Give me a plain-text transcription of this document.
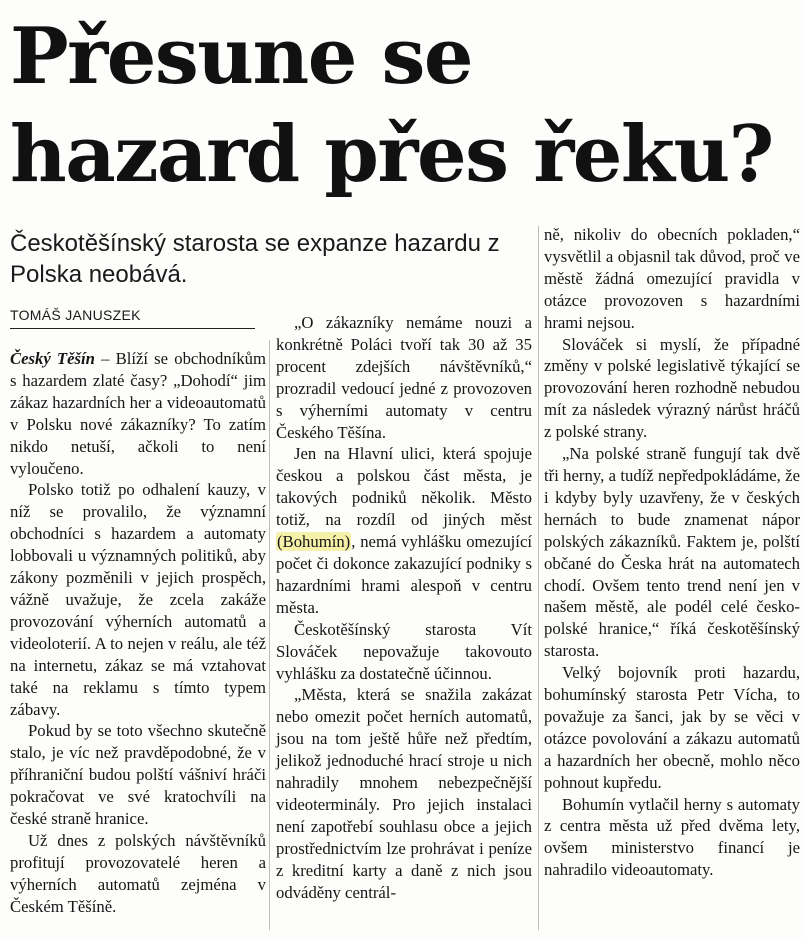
Přesune se
hazard přes řeku?

Českotěšínský starosta se expanze hazardu z Polska neobává.

TOMÁŠ JANUSZEK

Český Těšín – Blíží se obchodníkům s hazardem zlaté časy? „Dohodí“ jim zákaz hazardních her a videoautomatů v Polsku nové zákazníky? To zatím nikdo netuší, ačkoli to není vyloučeno.

Polsko totiž po odhalení kauzy, v níž se provalilo, že významní obchodníci s hazardem a automaty lobbovali u významných politiků, aby zákony pozměnili v jejich prospěch, vážně uvažuje, že zcela zakáže provozování výherních automatů a videoloterií. A to nejen v reálu, ale též na internetu, zákaz se má vztahovat také na reklamu s tímto typem zábavy.

Pokud by se toto všechno skutečně stalo, je víc než pravděpodobné, že v příhraniční budou polští vášniví hráči pokračovat ve své kratochvíli na české straně hranice.

Už dnes z polských návštěvníků profitují provozovatelé heren a výherních automatů zejména v Českém Těšíně.

„O zákazníky nemáme nouzi a konkrétně Poláci tvoří tak 30 až 35 procent zdejších návštěvníků,“ prozradil vedoucí jedné z provozoven s výherními automaty v centru Českého Těšína.

Jen na Hlavní ulici, která spojuje českou a polskou část města, je takových podniků několik. Město totiž, na rozdíl od jiných měst (Bohumín), nemá vyhlášku omezující počet či dokonce zakazující podniky s hazardními hrami alespoň v centru města.

Českotěšínský starosta Vít Slováček nepovažuje takovouto vyhlášku za dostatečně účinnou.

„Města, která se snažila zakázat nebo omezit počet herních automatů, jsou na tom ještě hůře než předtím, jelikož jednoduché hrací stroje u nich nahradily mnohem nebezpečnější videoterminály. Pro jejich instalaci není zapotřebí souhlasu obce a jejich prostřednictvím lze prohrávat i peníze z kreditní karty a daně z nich jsou odváděny centrál-

ně, nikoliv do obecních pokladen,“ vysvětlil a objasnil tak důvod, proč ve městě žádná omezující pravidla v otázce provozoven s hazardními hrami nejsou.

Slováček si myslí, že případné změny v polské legislativě týkající se provozování heren rozhodně nebudou mít za následek výrazný nárůst hráčů z polské strany.

„Na polské straně fungují tak dvě tři herny, a tudíž nepředpokládáme, že i kdyby byly uzavřeny, že v českých hernách to bude znamenat nápor polských zákazníků. Faktem je, polští občané do Česka hrát na automatech chodí. Ovšem tento trend není jen v našem městě, ale podél celé česko-polské hranice,“ říká českotěšínský starosta.

Velký bojovník proti hazardu, bohumínský starosta Petr Vícha, to považuje za šanci, jak by se věci v otázce povolování a zákazu automatů a hazardních her obecně, mohlo něco pohnout kupředu.

Bohumín vytlačil herny s automaty z centra města už před dvěma lety, ovšem ministerstvo financí je nahradilo videoautomaty.
